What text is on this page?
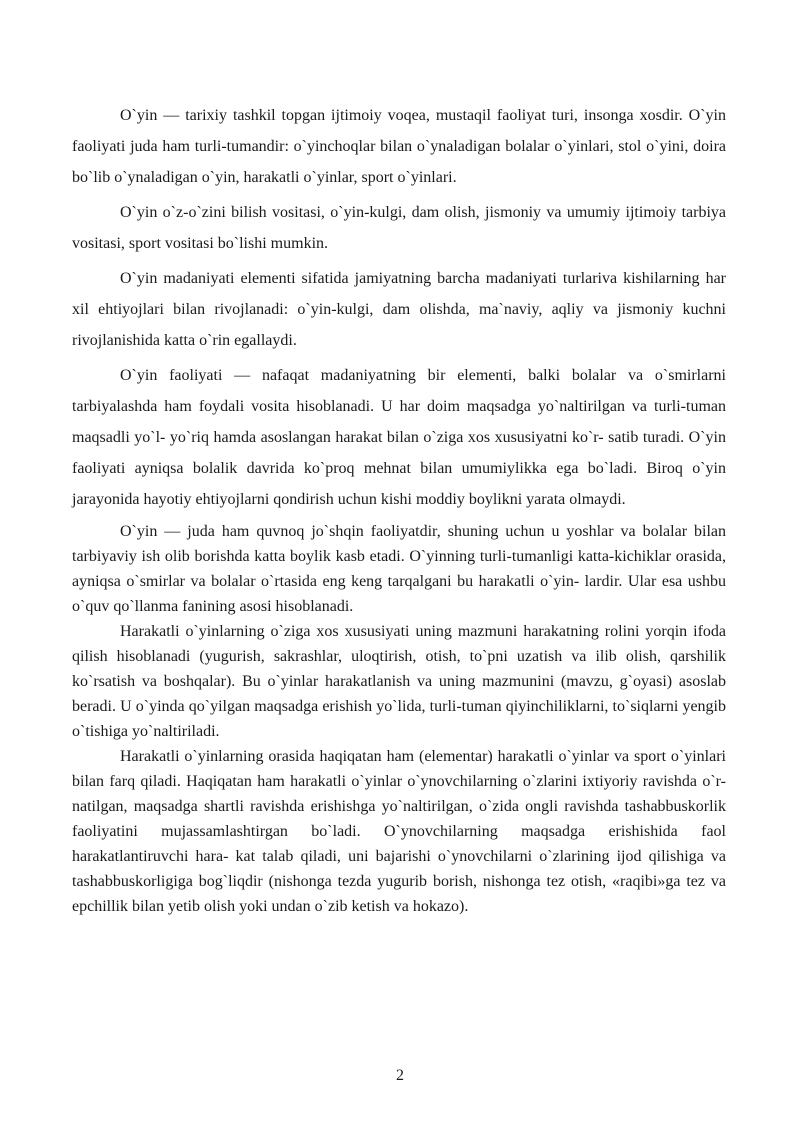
O`yin — tarixiy tashkil topgan ijtimoiy voqea, mustaqil faoliyat turi, insonga xosdir. O`yin faoliyati juda ham turli-tumandir: o`yinchoqlar bilan o`ynaladigan bolalar o`yinlari, stol o`yini, doira bo`lib o`ynaladigan o`yin, harakatli o`yinlar, sport o`yinlari.

O`yin o`z-o`zini bilish vositasi, o`yin-kulgi, dam olish, jismoniy va umumiy ijtimoiy tarbiya vositasi, sport vositasi bo`lishi mumkin.

O`yin madaniyati elementi sifatida jamiyatning barcha madaniyati turlariva kishilarning har xil ehtiyojlari bilan rivojlanadi: o`yin-kulgi, dam olishda, ma`naviy, aqliy va jismoniy kuchni rivojlanishida katta o`rin egallaydi.

O`yin faoliyati — nafaqat madaniyatning bir elementi, balki bolalar va o`smirlarni tarbiyalashda ham foydali vosita hisoblanadi. U har doim maqsadga yo`naltirilgan va turli-tuman maqsadli yo`l- yo`riq hamda asoslangan harakat bilan o`ziga xos xususiyatni ko`r- satib turadi. O`yin faoliyati ayniqsa bolalik davrida ko`proq mehnat bilan umumiylikka ega bo`ladi. Biroq o`yin jarayonida hayotiy ehtiyojlarni qondirish uchun kishi moddiy boylikni yarata olmaydi.

O`yin — juda ham quvnoq jo`shqin faoliyatdir, shuning uchun u yoshlar va bolalar bilan tarbiyaviy ish olib borishda katta boylik kasb etadi. O`yinning turli-tumanligi katta-kichiklar orasida, ayniqsa o`smirlar va bolalar o`rtasida eng keng tarqalgani bu harakatli o`yin- lardir. Ular esa ushbu o`quv qo`llanma fanining asosi hisoblanadi.

Harakatli o`yinlarning o`ziga xos xususiyati uning mazmuni harakatning rolini yorqin ifoda qilish hisoblanadi (yugurish, sakrashlar, uloqtirish, otish, to`pni uzatish va ilib olish, qarshilik ko`rsatish va boshqalar). Bu o`yinlar harakatlanish va uning mazmunini (mavzu, g`oyasi) asoslab beradi. U o`yinda qo`yilgan maqsadga erishish yo`lida, turli-tuman qiyinchiliklarni, to`siqlarni yengib o`tishiga yo`naltiriladi.

Harakatli o`yinlarning orasida haqiqatan ham (elementar) harakatli o`yinlar va sport o`yinlari bilan farq qiladi. Haqiqatan ham harakatli o`yinlar o`ynovchilarning o`zlarini ixtiyoriy ravishda o`r- natilgan, maqsadga shartli ravishda erishishga yo`naltirilgan, o`zida ongli ravishda tashabbuskorlik faoliyatini mujassamlashtirgan bo`ladi. O`ynovchilarning maqsadga erishishida faol harakatlantiruvchi hara- kat talab qiladi, uni bajarishi o`ynovchilarni o`zlarining ijod qilishiga va tashabbuskorligiga bog`liqdir (nishonga tezda yugurib borish, nishonga tez otish, «raqibi»ga tez va epchillik bilan yetib olish yoki undan o`zib ketish va hokazo).

2
